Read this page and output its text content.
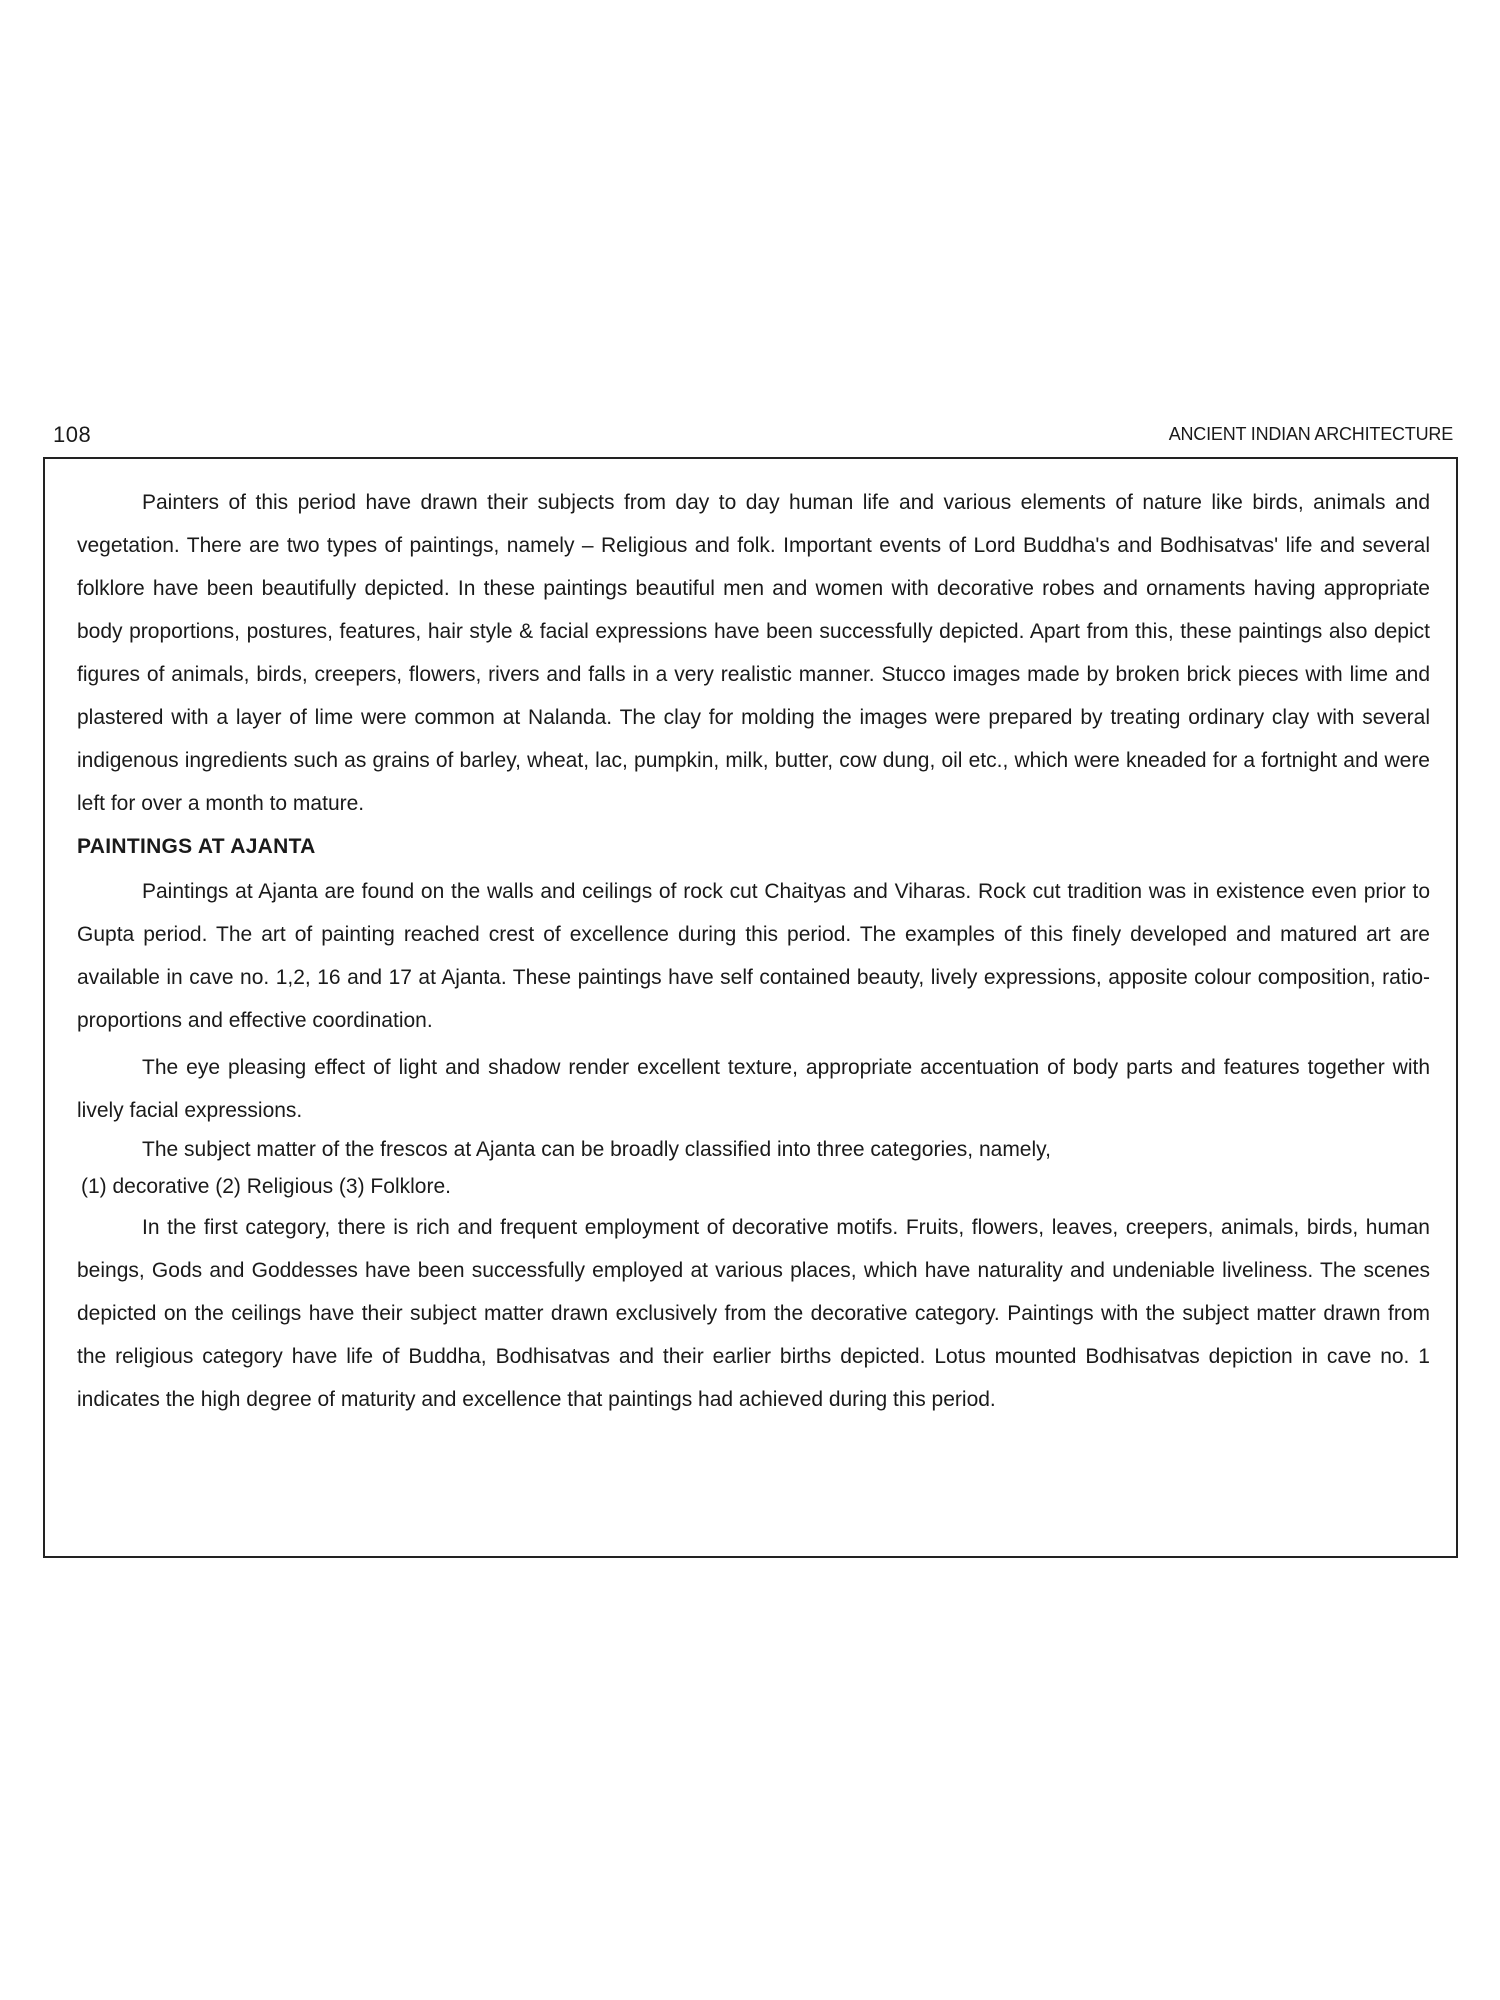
108	ANCIENT INDIAN ARCHITECTURE

Painters of this period have drawn their subjects from day to day human life and various elements of nature like birds, animals and vegetation. There are two types of paintings, namely – Religious and folk. Important events of Lord Buddha's and Bodhisatvas' life and several folklore have been beautifully depicted. In these paintings beautiful men and women with decorative robes and ornaments having appropriate body proportions, postures, features, hair style & facial expressions have been successfully depicted. Apart from this, these paintings also depict figures of animals, birds, creepers, flowers, rivers and falls in a very realistic manner. Stucco images made by broken brick pieces with lime and plastered with a layer of lime were common at Nalanda. The clay for molding the images were prepared by treating ordinary clay with several indigenous ingredients such as grains of barley, wheat, lac, pumpkin, milk, butter, cow dung, oil etc., which were kneaded for a fortnight and were left for over a month to mature.

PAINTINGS AT AJANTA

Paintings at Ajanta are found on the walls and ceilings of rock cut Chaityas and Viharas. Rock cut tradition was in existence even prior to Gupta period. The art of painting reached crest of excellence during this period. The examples of this finely developed and matured art are available in cave no. 1,2, 16 and 17 at Ajanta. These paintings have self contained beauty, lively expressions, apposite colour composition, ratio-proportions and effective coordination.

The eye pleasing effect of light and shadow render excellent texture, appropriate accentuation of body parts and features together with lively facial expressions.

The subject matter of the frescos at Ajanta can be broadly classified into three categories, namely,

(1) decorative (2) Religious (3) Folklore.

In the first category, there is rich and frequent employment of decorative motifs. Fruits, flowers, leaves, creepers, animals, birds, human beings, Gods and Goddesses have been successfully employed at various places, which have naturality and undeniable liveliness. The scenes depicted on the ceilings have their subject matter drawn exclusively from the decorative category. Paintings with the subject matter drawn from the religious category have life of Buddha, Bodhisatvas and their earlier births depicted. Lotus mounted Bodhisatvas depiction in cave no. 1 indicates the high degree of maturity and excellence that paintings had achieved during this period.
